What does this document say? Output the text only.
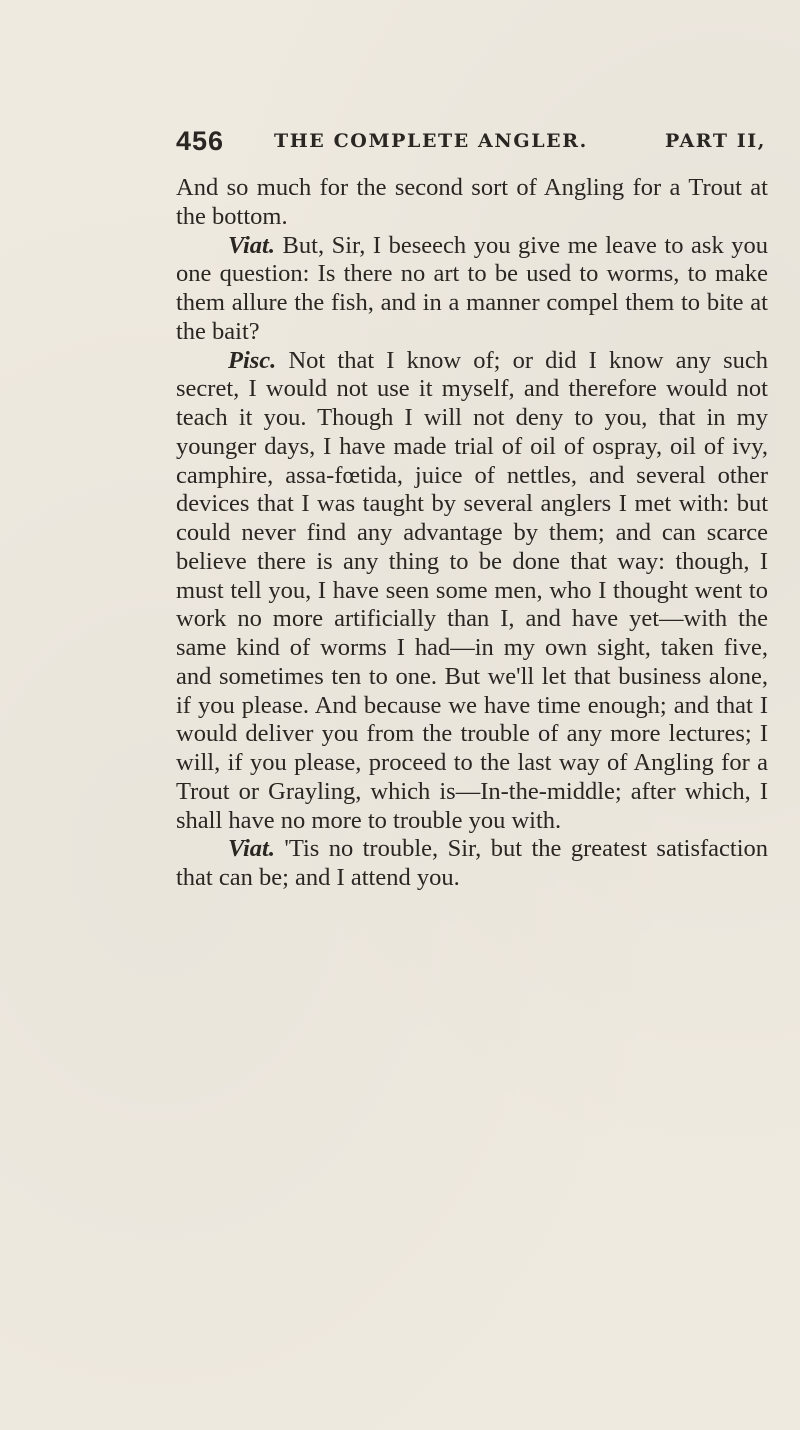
456	THE COMPLETE ANGLER.	PART II,

And so much for the second sort of Angling for a Trout at the bottom.

Viat. But, Sir, I beseech you give me leave to ask you one question: Is there no art to be used to worms, to make them allure the fish, and in a manner compel them to bite at the bait?

Pisc. Not that I know of; or did I know any such secret, I would not use it myself, and therefore would not teach it you. Though I will not deny to you, that in my younger days, I have made trial of oil of ospray, oil of ivy, camphire, assa-fœtida, juice of nettles, and several other devices that I was taught by several anglers I met with: but could never find any advantage by them; and can scarce believe there is any thing to be done that way: though, I must tell you, I have seen some men, who I thought went to work no more artificially than I, and have yet—with the same kind of worms I had—in my own sight, taken five, and sometimes ten to one. But we'll let that business alone, if you please. And because we have time enough; and that I would deliver you from the trouble of any more lectures; I will, if you please, proceed to the last way of Angling for a Trout or Grayling, which is—In-the-middle; after which, I shall have no more to trouble you with.

Viat. 'Tis no trouble, Sir, but the greatest satisfaction that can be; and I attend you.
